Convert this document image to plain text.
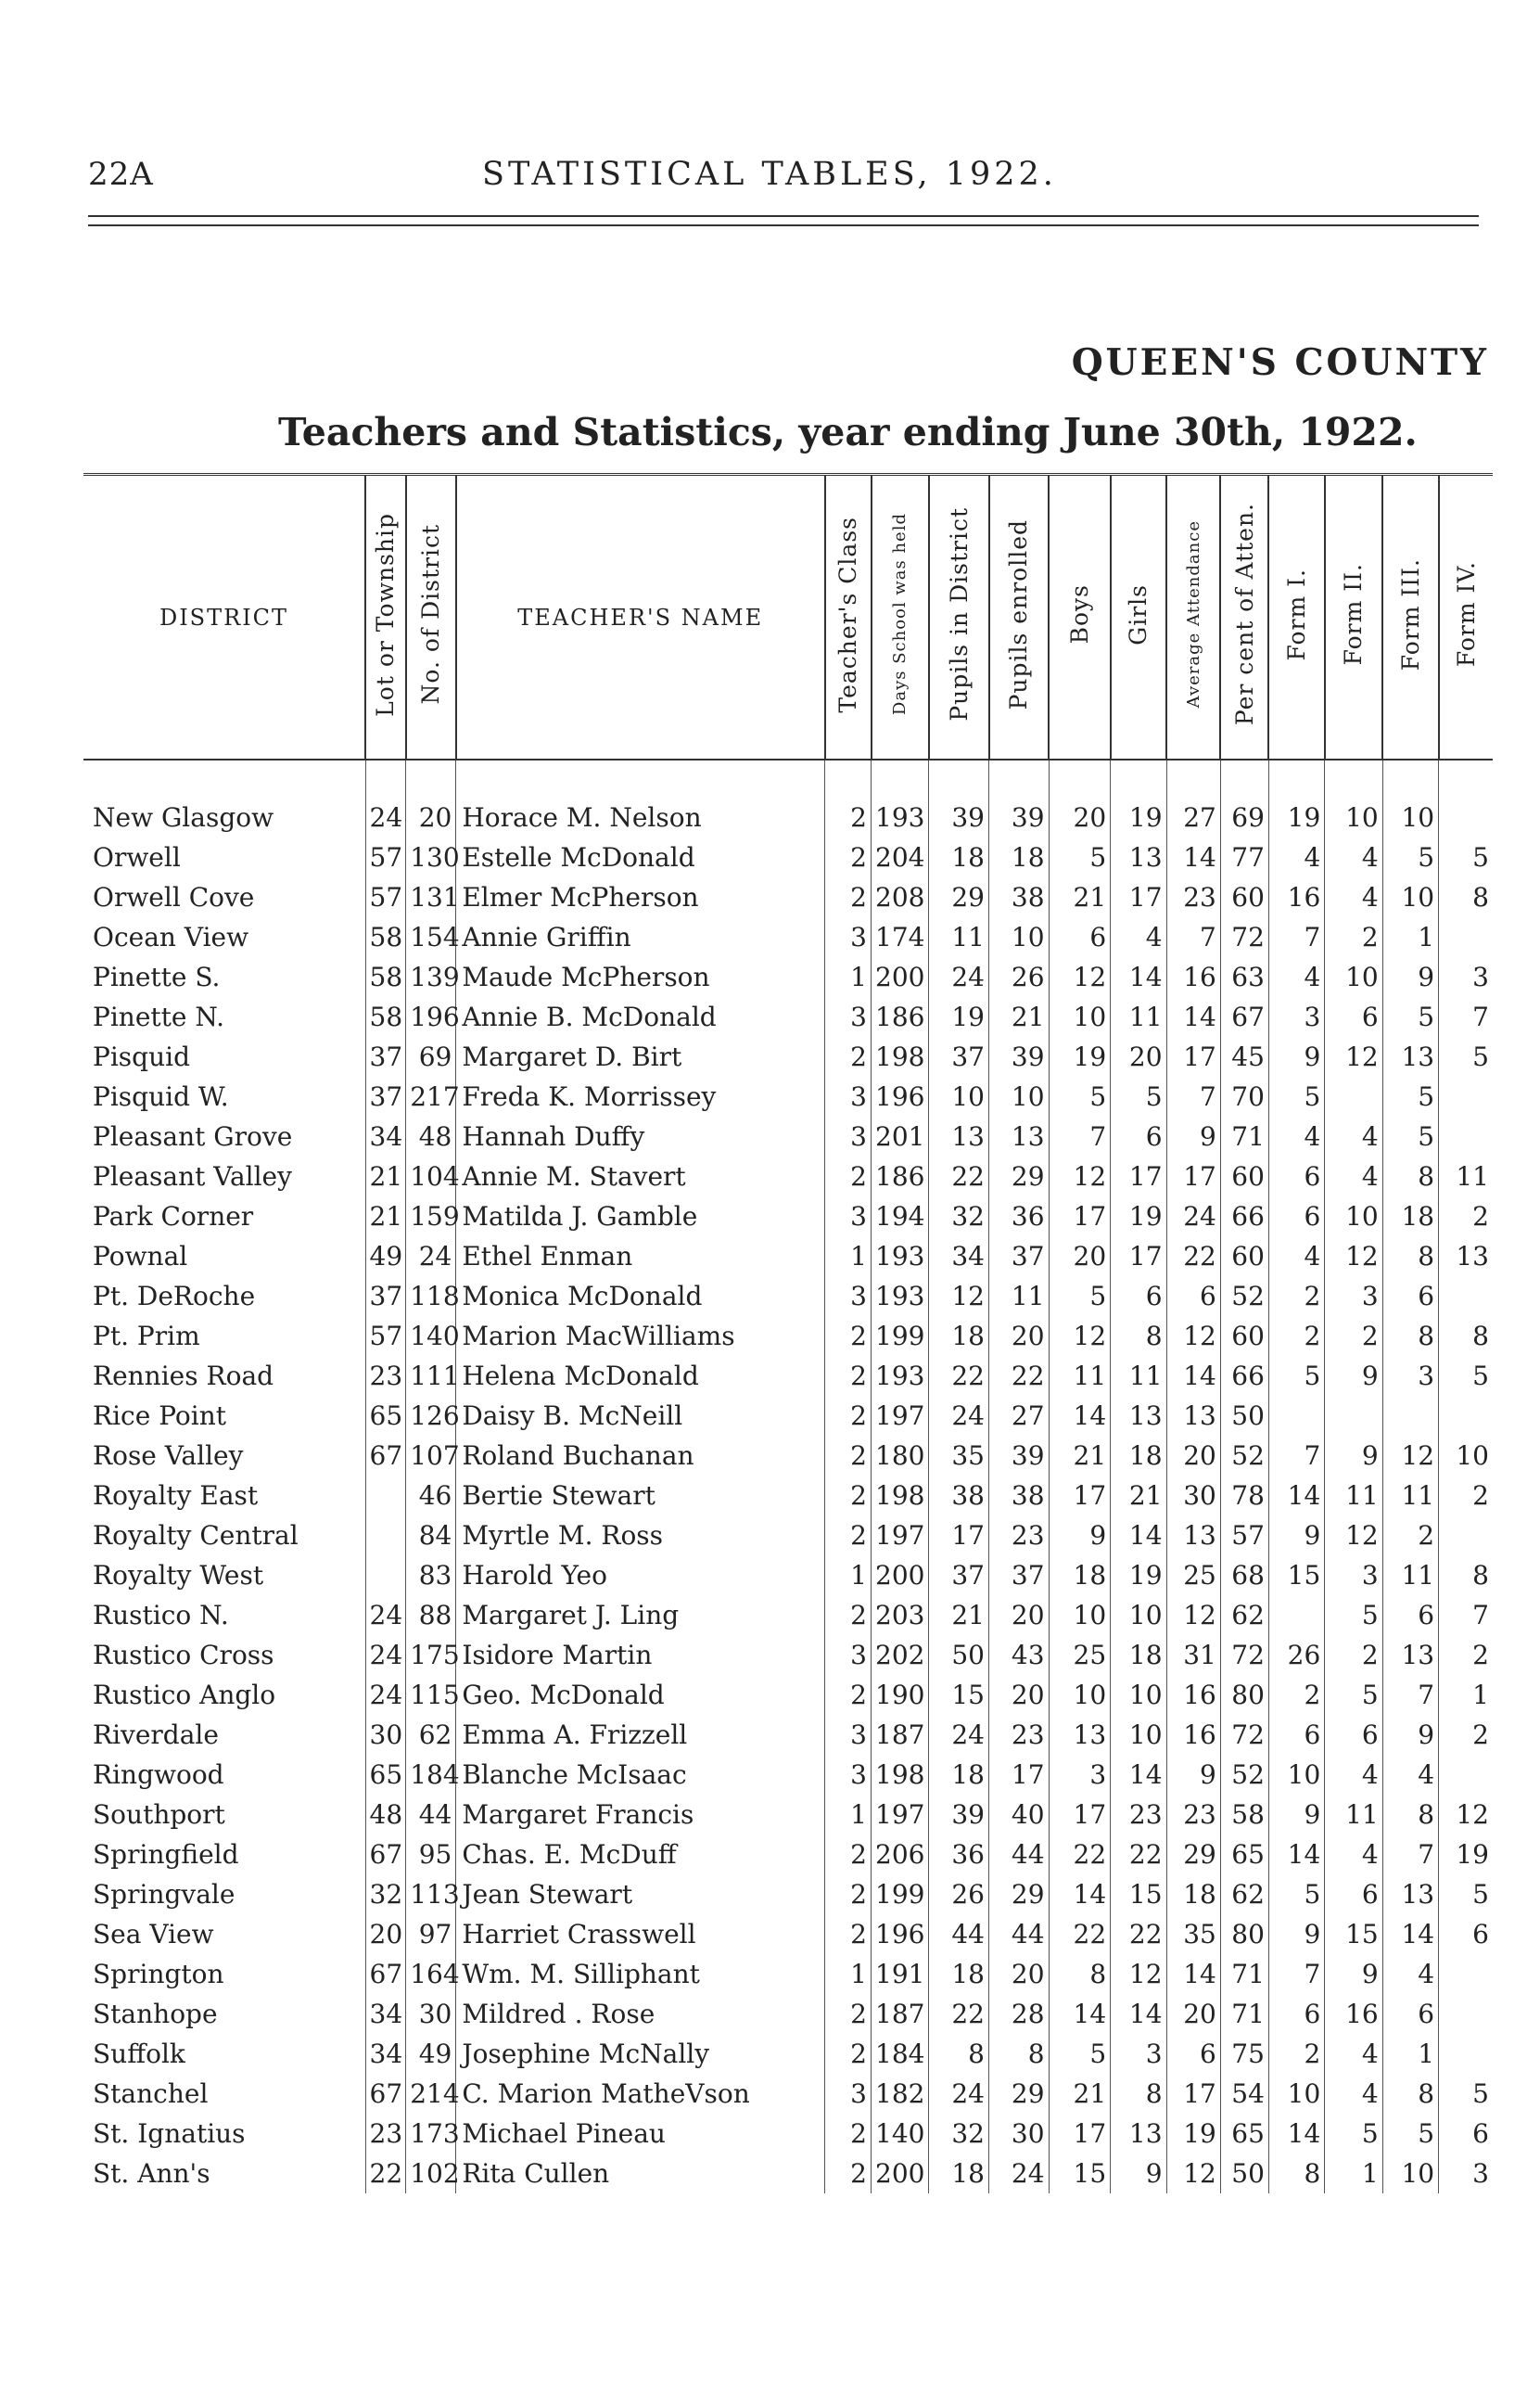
22A	STATISTICAL TABLES, 1922.
QUEEN'S COUNTY
Teachers and Statistics, year ending June 30th, 1922.
DISTRICT	Lot or Township	No. of District	TEACHER'S NAME	Teacher's Class	Days School was held	Pupils in District	Pupils enrolled	Boys	Girls	Average Attendance	Per cent of Atten.	Form I.	Form II.	Form III.	Form IV.

New Glasgow	24	20	Horace M. Nelson	2	193	39	39	20	19	27	69	19	10	10	
Orwell	57	130	Estelle McDonald	2	204	18	18	5	13	14	77	4	4	5	5
Orwell Cove	57	131	Elmer McPherson	2	208	29	38	21	17	23	60	16	4	10	8
Ocean View	58	154	Annie Griffin	3	174	11	10	6	4	7	72	7	2	1	
Pinette S.	58	139	Maude McPherson	1	200	24	26	12	14	16	63	4	10	9	3
Pinette N.	58	196	Annie B. McDonald	3	186	19	21	10	11	14	67	3	6	5	7
Pisquid	37	69	Margaret D. Birt	2	198	37	39	19	20	17	45	9	12	13	5
Pisquid W.	37	217	Freda K. Morrissey	3	196	10	10	5	5	7	70	5		5	
Pleasant Grove	34	48	Hannah Duffy	3	201	13	13	7	6	9	71	4	4	5	
Pleasant Valley	21	104	Annie M. Stavert	2	186	22	29	12	17	17	60	6	4	8	11
Park Corner	21	159	Matilda J. Gamble	3	194	32	36	17	19	24	66	6	10	18	2
Pownal	49	24	Ethel Enman	1	193	34	37	20	17	22	60	4	12	8	13
Pt. DeRoche	37	118	Monica McDonald	3	193	12	11	5	6	6	52	2	3	6	
Pt. Prim	57	140	Marion MacWilliams	2	199	18	20	12	8	12	60	2	2	8	8
Rennies Road	23	111	Helena McDonald	2	193	22	22	11	11	14	66	5	9	3	5
Rice Point	65	126	Daisy B. McNeill	2	197	24	27	14	13	13	50				
Rose Valley	67	107	Roland Buchanan	2	180	35	39	21	18	20	52	7	9	12	10
Royalty East		46	Bertie Stewart	2	198	38	38	17	21	30	78	14	11	11	2
Royalty Central		84	Myrtle M. Ross	2	197	17	23	9	14	13	57	9	12	2	
Royalty West		83	Harold Yeo	1	200	37	37	18	19	25	68	15	3	11	8
Rustico N.	24	88	Margaret J. Ling	2	203	21	20	10	10	12	62		5	6	7
Rustico Cross	24	175	Isidore Martin	3	202	50	43	25	18	31	72	26	2	13	2
Rustico Anglo	24	115	Geo. McDonald	2	190	15	20	10	10	16	80	2	5	7	1
Riverdale	30	62	Emma A. Frizzell	3	187	24	23	13	10	16	72	6	6	9	2
Ringwood	65	184	Blanche McIsaac	3	198	18	17	3	14	9	52	10	4	4	
Southport	48	44	Margaret Francis	1	197	39	40	17	23	23	58	9	11	8	12
Springfield	67	95	Chas. E. McDuff	2	206	36	44	22	22	29	65	14	4	7	19
Springvale	32	113	Jean Stewart	2	199	26	29	14	15	18	62	5	6	13	5
Sea View	20	97	Harriet Crasswell	2	196	44	44	22	22	35	80	9	15	14	6
Springton	67	164	Wm. M. Silliphant	1	191	18	20	8	12	14	71	7	9	4	
Stanhope	34	30	Mildred . Rose	2	187	22	28	14	14	20	71	6	16	6	
Suffolk	34	49	Josephine McNally	2	184	8	8	5	3	6	75	2	4	1	
Stanchel	67	214	C. Marion MatheVson	3	182	24	29	21	8	17	54	10	4	8	5
St. Ignatius	23	173	Michael Pineau	2	140	32	30	17	13	19	65	14	5	5	6
St. Ann's	22	102	Rita Cullen	2	200	18	24	15	9	12	50	8	1	10	3
